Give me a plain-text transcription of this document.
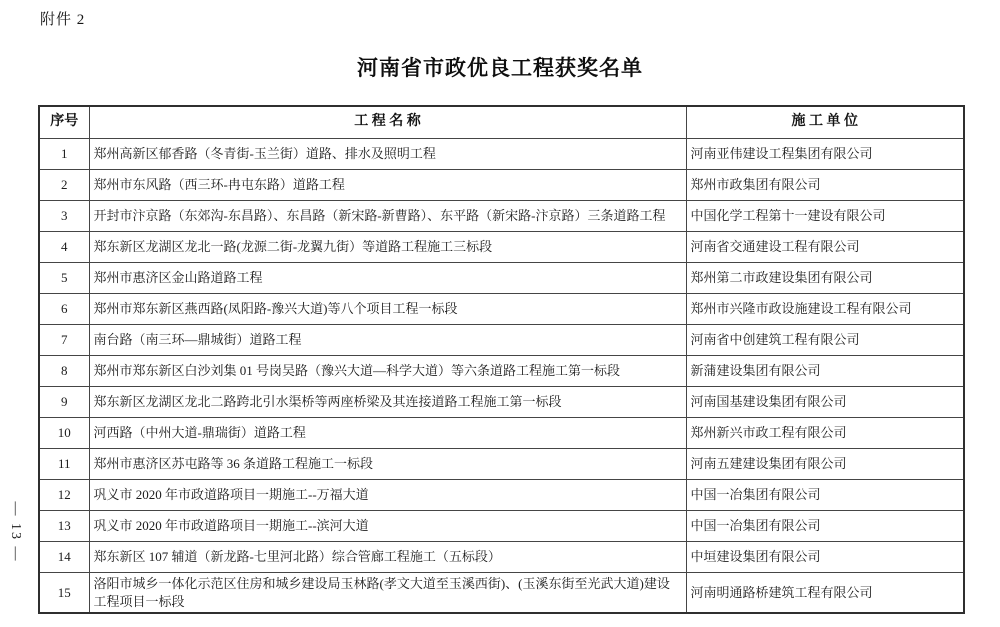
附件 2
河南省市政优良工程获奖名单
— 13 —
序号	工 程 名 称	施 工 单 位
1	郑州高新区郁香路（冬青街-玉兰街）道路、排水及照明工程	河南亚伟建设工程集团有限公司
2	郑州市东风路（西三环-冉屯东路）道路工程	郑州市政集团有限公司
3	开封市汴京路（东郊沟-东昌路）、东昌路（新宋路-新曹路）、东平路（新宋路-汴京路）三条道路工程	中国化学工程第十一建设有限公司
4	郑东新区龙湖区龙北一路(龙源二街-龙翼九街）等道路工程施工三标段	河南省交通建设工程有限公司
5	郑州市惠济区金山路道路工程	郑州第二市政建设集团有限公司
6	郑州市郑东新区燕西路(凤阳路-豫兴大道)等八个项目工程一标段	郑州市兴隆市政设施建设工程有限公司
7	南台路（南三环—鼎城街）道路工程	河南省中创建筑工程有限公司
8	郑州市郑东新区白沙刘集 01 号岗吴路（豫兴大道—科学大道）等六条道路工程施工第一标段	新蒲建设集团有限公司
9	郑东新区龙湖区龙北二路跨北引水渠桥等两座桥梁及其连接道路工程施工第一标段	河南国基建设集团有限公司
10	河西路（中州大道-鼎瑞街）道路工程	郑州新兴市政工程有限公司
11	郑州市惠济区苏屯路等 36 条道路工程施工一标段	河南五建建设集团有限公司
12	巩义市 2020 年市政道路项目一期施工--万福大道	中国一冶集团有限公司
13	巩义市 2020 年市政道路项目一期施工--滨河大道	中国一冶集团有限公司
14	郑东新区 107 辅道（新龙路-七里河北路）综合管廊工程施工（五标段）	中垣建设集团有限公司
15	洛阳市城乡一体化示范区住房和城乡建设局玉林路(孝文大道至玉溪西街)、(玉溪东街至光武大道)建设工程项目一标段	河南明通路桥建筑工程有限公司
